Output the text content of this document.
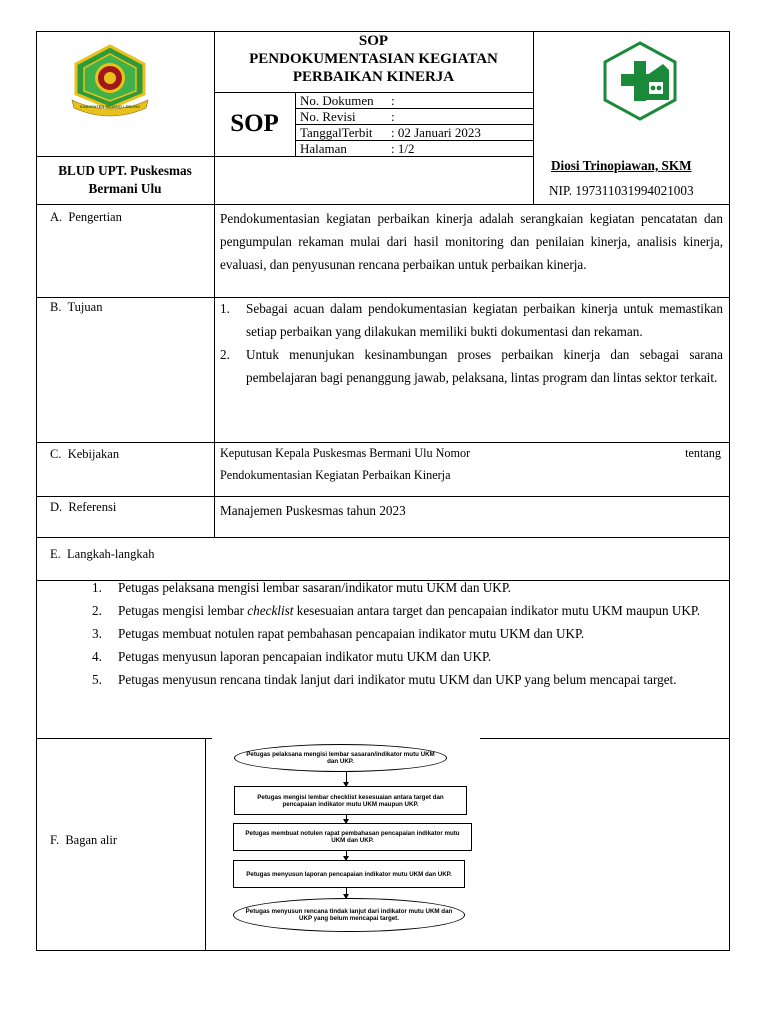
KABUPATEN REJANG LEBONG
SOP
PENDOKUMENTASIAN KEGIATAN
PERBAIKAN KINERJA
SOP
No. Dokumen :
No. Revisi	:
TanggalTerbit : 02 Januari 2023
Halaman	: 1/2
BLUD UPT. Puskesmas
Bermani Ulu
Diosi Trinopiawan, SKM
NIP. 197311031994021003
A.  Pengertian	Pendokumentasian kegiatan perbaikan kinerja adalah serangkaian kegiatan pencatatan dan pengumpulan rekaman mulai dari hasil monitoring dan penilaian kinerja, analisis kinerja, evaluasi, dan penyusunan rencana perbaikan untuk perbaikan kinerja.
B.  Tujuan	1. Sebagai acuan dalam pendokumentasian kegiatan perbaikan kinerja untuk memastikan setiap perbaikan yang dilakukan memiliki bukti dokumentasi dan rekaman.
2. Untuk menunjukan kesinambungan proses perbaikan kinerja dan sebagai sarana pembelajaran bagi penanggung jawab, pelaksana, lintas program dan lintas sektor terkait.
C.  Kebijakan	Keputusan Kepala Puskesmas Bermani Ulu Nomor	tentang
Pendokumentasian Kegiatan Perbaikan Kinerja
D.  Referensi	Manajemen Puskesmas tahun 2023
E.  Langkah-langkah
1. Petugas pelaksana mengisi lembar sasaran/indikator mutu UKM dan UKP.
2. Petugas mengisi lembar checklist kesesuaian antara target dan pencapaian indikator mutu UKM maupun UKP.
3. Petugas membuat notulen rapat pembahasan pencapaian indikator mutu UKM dan UKP.
4. Petugas menyusun laporan pencapaian indikator mutu UKM dan UKP.
5. Petugas menyusun rencana tindak lanjut dari indikator mutu UKM dan UKP yang belum mencapai target.
F.  Bagan alir
Petugas pelaksana mengisi lembar sasaran/indikator mutu UKM dan UKP.
Petugas mengisi lembar checklist kesesuaian antara target dan pencapaian indikator mutu UKM maupun UKP.
Petugas membuat notulen rapat pembahasan pencapaian indikator mutu UKM dan UKP.
Petugas menyusun laporan pencapaian indikator mutu UKM dan UKP.
Petugas menyusun rencana tindak lanjut dari indikator mutu UKM dan UKP yang belum mencapai target.
